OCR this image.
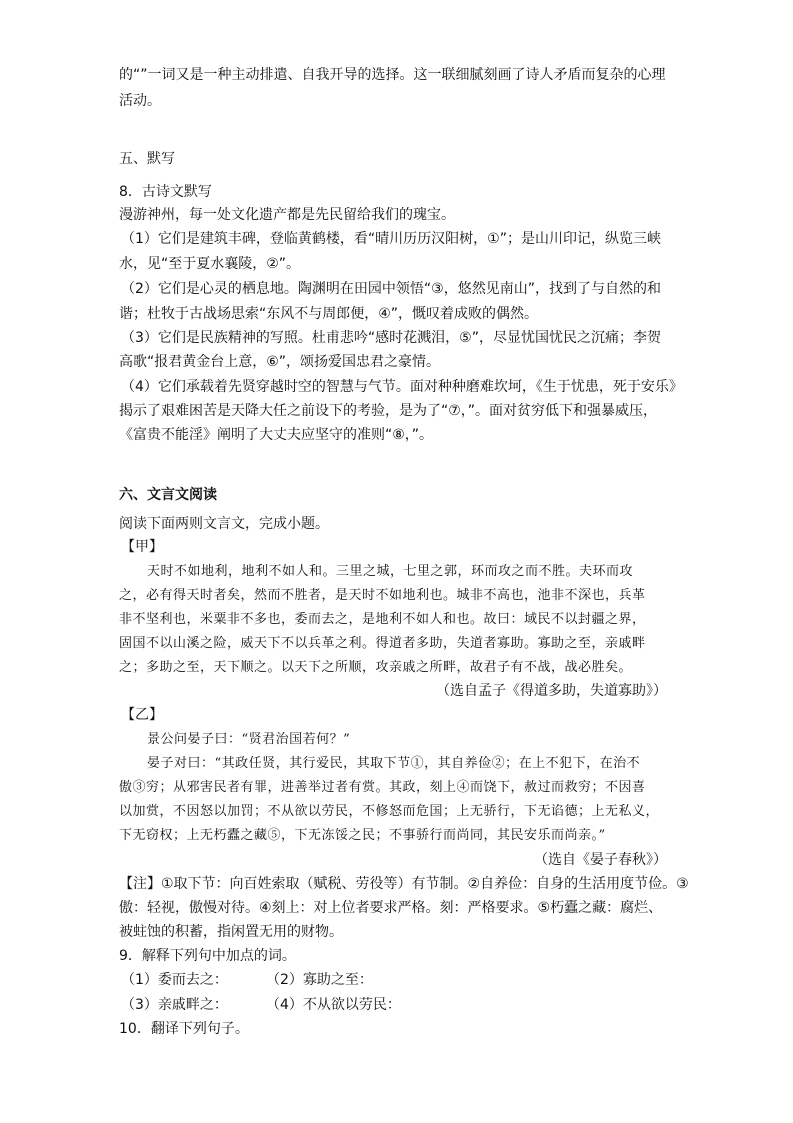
的“”一词又是一种主动排遣、自我开导的选择。这一联细腻刻画了诗人矛盾而复杂的心理
活动。
五、默写
8．古诗文默写
漫游神州，每一处文化遗产都是先民留给我们的瑰宝。
（1）它们是建筑丰碑，登临黄鹤楼，看“晴川历历汉阳树，①”；是山川印记，纵览三峡
水，见“至于夏水襄陵，②”。
（2）它们是心灵的栖息地。陶渊明在田园中领悟“③，悠然见南山”，找到了与自然的和
谐；杜牧于古战场思索“东风不与周郎便，④”，慨叹着成败的偶然。
（3）它们是民族精神的写照。杜甫悲吟“感时花溅泪，⑤”，尽显忧国忧民之沉痛；李贺
高歌“报君黄金台上意，⑥”，颂扬爱国忠君之豪情。
（4）它们承载着先贤穿越时空的智慧与气节。面对种种磨难坎坷，《生于忧患，死于安乐》
揭示了艰难困苦是天降大任之前设下的考验，是为了“⑦，”。面对贫穷低下和强暴威压，
《富贵不能淫》阐明了大丈夫应坚守的准则“⑧，”。
六、文言文阅读
阅读下面两则文言文，完成小题。
【甲】
天时不如地利，地利不如人和。三里之城，七里之郭，环而攻之而不胜。夫环而攻
之，必有得天时者矣，然而不胜者，是天时不如地利也。城非不高也，池非不深也，兵革
非不坚利也，米粟非不多也，委而去之，是地利不如人和也。故曰：域民不以封疆之界，
固国不以山溪之险，威天下不以兵革之利。得道者多助，失道者寡助。寡助之至，亲戚畔
之；多助之至，天下顺之。以天下之所顺，攻亲戚之所畔，故君子有不战，战必胜矣。
（选自孟子《得道多助，失道寡助》）
【乙】
景公问晏子曰：“贤君治国若何？”
晏子对曰：“其政任贤，其行爱民，其取下节①，其自养俭②；在上不犯下，在治不
傲③穷；从邪害民者有罪，进善举过者有赏。其政，刻上④而饶下，赦过而救穷；不因喜
以加赏，不因怒以加罚；不从欲以劳民，不修怒而危国；上无骄行，下无谄德；上无私义，
下无窃权；上无朽蠹之藏⑤，下无冻馁之民；不事骄行而尚同，其民安乐而尚亲。”
（选自《晏子春秋》）
【注】①取下节：向百姓索取（赋税、劳役等）有节制。②自养俭：自身的生活用度节俭。③
傲：轻视，傲慢对待。④刻上：对上位者要求严格。刻：严格要求。⑤朽蠹之藏：腐烂、
被蛀蚀的积蓄，指闲置无用的财物。
9．解释下列句中加点的词。
（1）委而去之：	（2）寡助之至：
（3）亲戚畔之：	（4）不从欲以劳民：
10．翻译下列句子。
